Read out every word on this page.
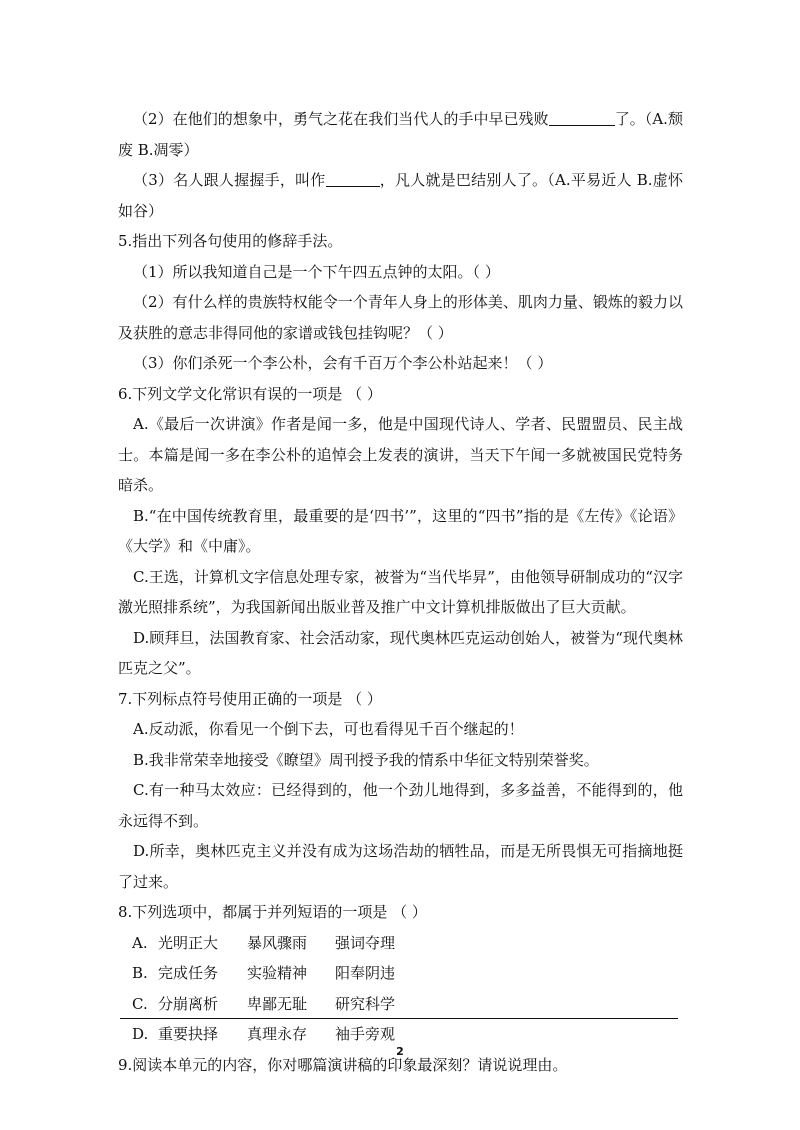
（2）在他们的想象中，勇气之花在我们当代人的手中早已残败	了。（A.颓废 B.凋零）

（3）名人跟人握握手，叫作	，凡人就是巴结别人了。（A.平易近人 B.虚怀如谷）

5.指出下列各句使用的修辞手法。

（1）所以我知道自己是一个下午四五点钟的太阳。（ ）

（2）有什么样的贵族特权能令一个青年人身上的形体美、肌肉力量、锻炼的毅力以及获胜的意志非得同他的家谱或钱包挂钩呢？（ ）

（3）你们杀死一个李公朴，会有千百万个李公朴站起来！（ ）

6.下列文学文化常识有误的一项是 （ ）

A.《最后一次讲演》作者是闻一多，他是中国现代诗人、学者、民盟盟员、民主战士。本篇是闻一多在李公朴的追悼会上发表的演讲，当天下午闻一多就被国民党特务暗杀。

B.“在中国传统教育里，最重要的是‘四书’”，这里的“四书”指的是《左传》《论语》《大学》和《中庸》。

C.王选，计算机文字信息处理专家，被誉为“当代毕昇”，由他领导研制成功的“汉字激光照排系统”，为我国新闻出版业普及推广中文计算机排版做出了巨大贡献。

D.顾拜旦，法国教育家、社会活动家，现代奥林匹克运动创始人，被誉为“现代奥林匹克之父”。

7.下列标点符号使用正确的一项是 （ ）

A.反动派，你看见一个倒下去，可也看得见千百个继起的！

B.我非常荣幸地接受《瞭望》周刊授予我的情系中华征文特别荣誉奖。

C.有一种马太效应：已经得到的，他一个劲儿地得到，多多益善，不能得到的，他永远得不到。

D.所幸，奥林匹克主义并没有成为这场浩劫的牺牲品，而是无所畏惧无可指摘地挺了过来。

8.下列选项中，都属于并列短语的一项是 （ ）

A. 光明正大	暴风骤雨	强词夺理
B. 完成任务	实验精神	阳奉阴违
C. 分崩离析	卑鄙无耻	研究科学
D. 重要抉择	真理永存	袖手旁观

9.阅读本单元的内容，你对哪篇演讲稿的印象最深刻？请说说理由。

2
